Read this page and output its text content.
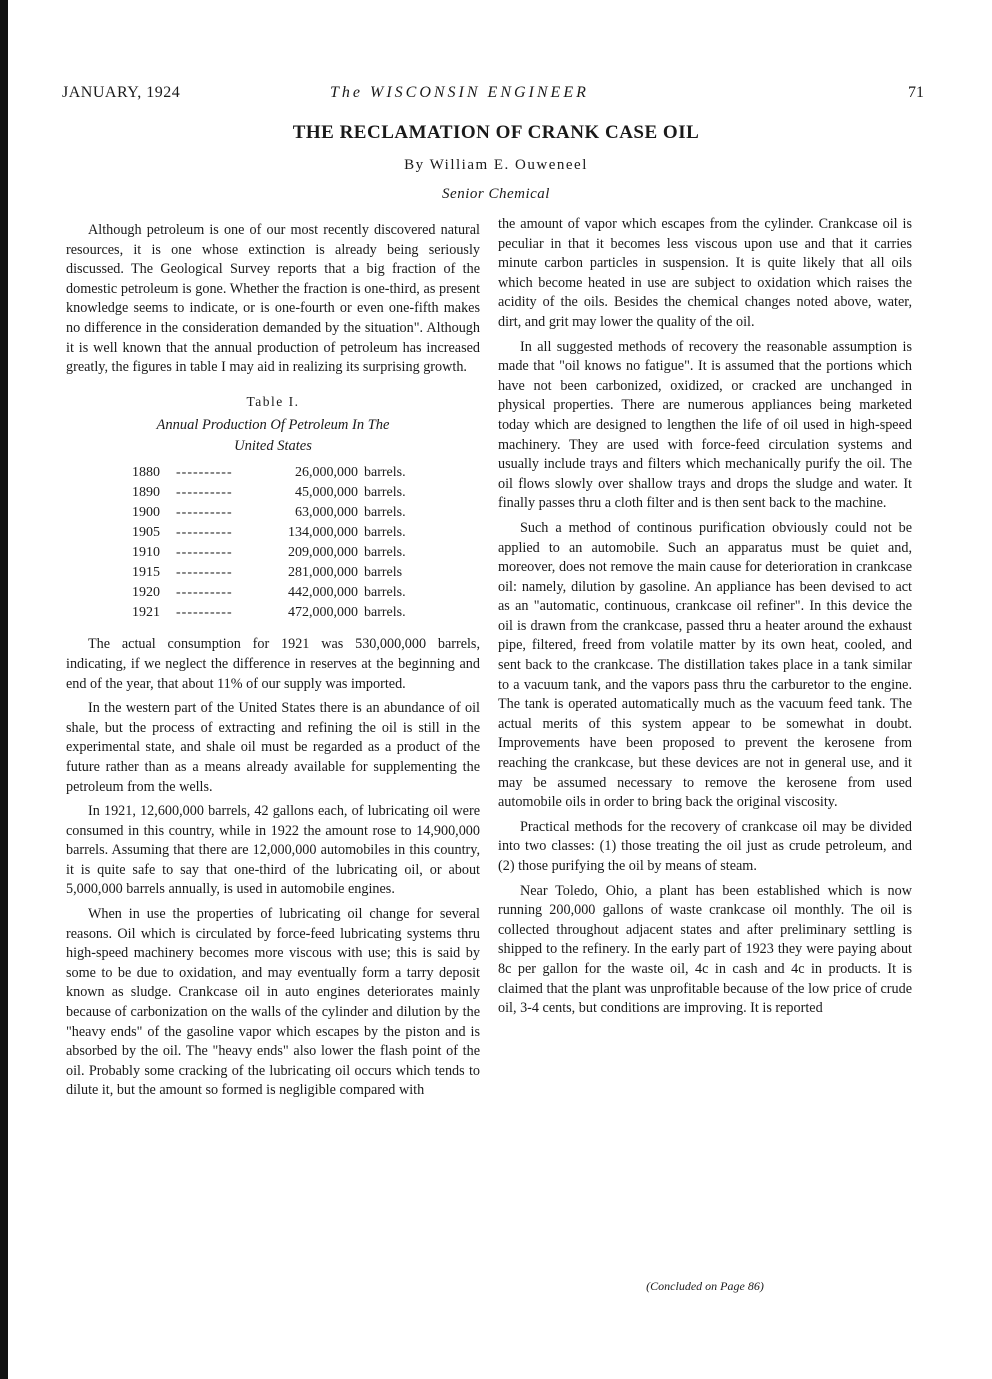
JANUARY, 1924	The WISCONSIN ENGINEER	71
THE RECLAMATION OF CRANK CASE OIL
By William E. Ouweneel
Senior Chemical

Although petroleum is one of our most recently discovered natural resources, it is one whose extinction is already being seriously discussed. The Geological Survey reports that a big fraction of the domestic petroleum is gone. Whether the fraction is one-third, as present knowledge seems to indicate, or is one-fourth or even one-fifth makes no difference in the consideration demanded by the situation". Although it is well known that the annual production of petroleum has increased greatly, the figures in table I may aid in realizing its surprising growth.

Table I.
Annual Production Of Petroleum In The
United States
1880	----------	26,000,000 barrels.
1890	----------	45,000,000 barrels.
1900	----------	63,000,000 barrels.
1905	----------	134,000,000 barrels.
1910	----------	209,000,000 barrels.
1915	----------	281,000,000 barrels
1920	----------	442,000,000 barrels.
1921	----------	472,000,000 barrels.

The actual consumption for 1921 was 530,000,000 barrels, indicating, if we neglect the difference in reserves at the beginning and end of the year, that about 11% of our supply was imported.

In the western part of the United States there is an abundance of oil shale, but the process of extracting and refining the oil is still in the experimental state, and shale oil must be regarded as a product of the future rather than as a means already available for supplementing the petroleum from the wells.

In 1921, 12,600,000 barrels, 42 gallons each, of lubricating oil were consumed in this country, while in 1922 the amount rose to 14,900,000 barrels. Assuming that there are 12,000,000 automobiles in this country, it is quite safe to say that one-third of the lubricating oil, or about 5,000,000 barrels annually, is used in automobile engines.

When in use the properties of lubricating oil change for several reasons. Oil which is circulated by force-feed lubricating systems thru high-speed machinery becomes more viscous with use; this is said by some to be due to oxidation, and may eventually form a tarry deposit known as sludge. Crankcase oil in auto engines deteriorates mainly because of carbonization on the walls of the cylinder and dilution by the "heavy ends" of the gasoline vapor which escapes by the piston and is absorbed by the oil. The "heavy ends" also lower the flash point of the oil. Probably some cracking of the lubricating oil occurs which tends to dilute it, but the amount so formed is negligible compared with

the amount of vapor which escapes from the cylinder. Crankcase oil is peculiar in that it becomes less viscous upon use and that it carries minute carbon particles in suspension. It is quite likely that all oils which become heated in use are subject to oxidation which raises the acidity of the oils. Besides the chemical changes noted above, water, dirt, and grit may lower the quality of the oil.

In all suggested methods of recovery the reasonable assumption is made that "oil knows no fatigue". It is assumed that the portions which have not been carbonized, oxidized, or cracked are unchanged in physical properties. There are numerous appliances being marketed today which are designed to lengthen the life of oil used in high-speed machinery. They are used with force-feed circulation systems and usually include trays and filters which mechanically purify the oil. The oil flows slowly over shallow trays and drops the sludge and water. It finally passes thru a cloth filter and is then sent back to the machine.

Such a method of continous purification obviously could not be applied to an automobile. Such an apparatus must be quiet and, moreover, does not remove the main cause for deterioration in crankcase oil: namely, dilution by gasoline. An appliance has been devised to act as an "automatic, continuous, crankcase oil refiner". In this device the oil is drawn from the crankcase, passed thru a heater around the exhaust pipe, filtered, freed from volatile matter by its own heat, cooled, and sent back to the crankcase. The distillation takes place in a tank similar to a vacuum tank, and the vapors pass thru the carburetor to the engine. The tank is operated automatically much as the vacuum feed tank. The actual merits of this system appear to be somewhat in doubt. Improvements have been proposed to prevent the kerosene from reaching the crankcase, but these devices are not in general use, and it may be assumed necessary to remove the kerosene from used automobile oils in order to bring back the original viscosity.

Practical methods for the recovery of crankcase oil may be divided into two classes: (1) those treating the oil just as crude petroleum, and (2) those purifying the oil by means of steam.

Near Toledo, Ohio, a plant has been established which is now running 200,000 gallons of waste crankcase oil monthly. The oil is collected throughout adjacent states and after preliminary settling is shipped to the refinery. In the early part of 1923 they were paying about 8c per gallon for the waste oil, 4c in cash and 4c in products. It is claimed that the plant was unprofitable because of the low price of crude oil, 3-4 cents, but conditions are improving. It is reported

(Concluded on Page 86)
